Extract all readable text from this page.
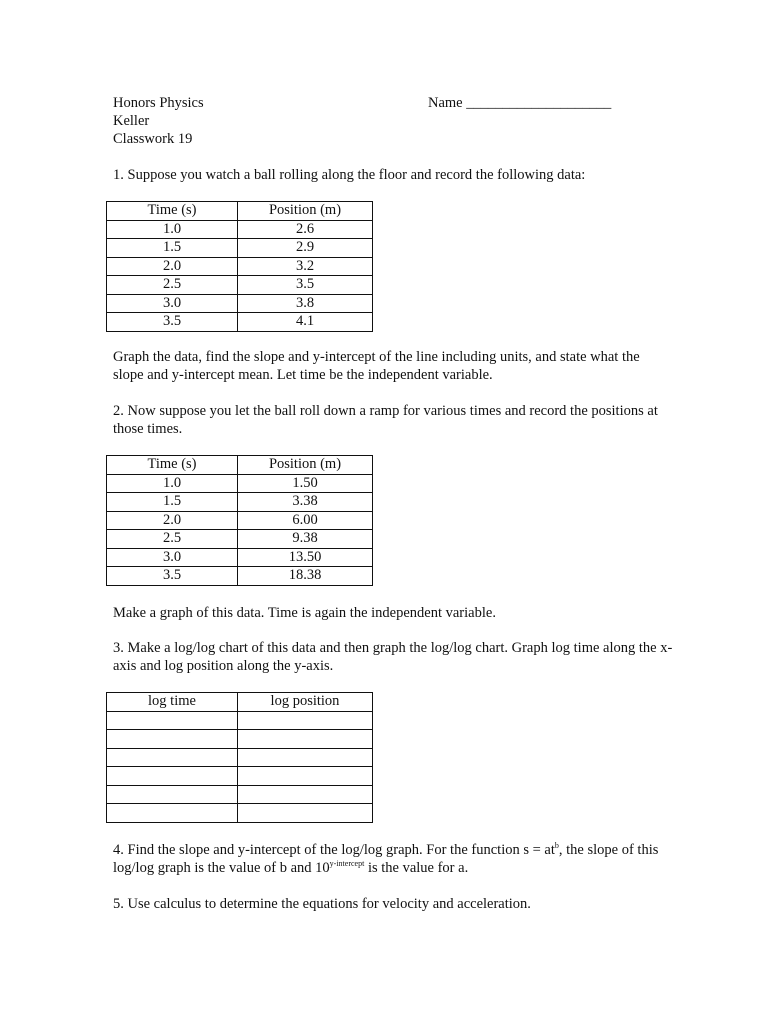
Honors Physics
Keller
Classwork 19
Name ____________________
1. Suppose you watch a ball rolling along the floor and record the following data:
Time (s)	Position (m)
1.0	2.6
1.5	2.9
2.0	3.2
2.5	3.5
3.0	3.8
3.5	4.1
Graph the data, find the slope and y-intercept of the line including units, and state what the slope and y-intercept mean. Let time be the independent variable.
2. Now suppose you let the ball roll down a ramp for various times and record the positions at those times.
Time (s)	Position (m)
1.0	1.50
1.5	3.38
2.0	6.00
2.5	9.38
3.0	13.50
3.5	18.38
Make a graph of this data. Time is again the independent variable.
3. Make a log/log chart of this data and then graph the log/log chart. Graph log time along the x-axis and log position along the y-axis.
log time	log position

4. Find the slope and y-intercept of the log/log graph. For the function $s = at^b$, the slope of this log/log graph is the value of b and $10^{y-intercept}$ is the value for a.
5. Use calculus to determine the equations for velocity and acceleration.
